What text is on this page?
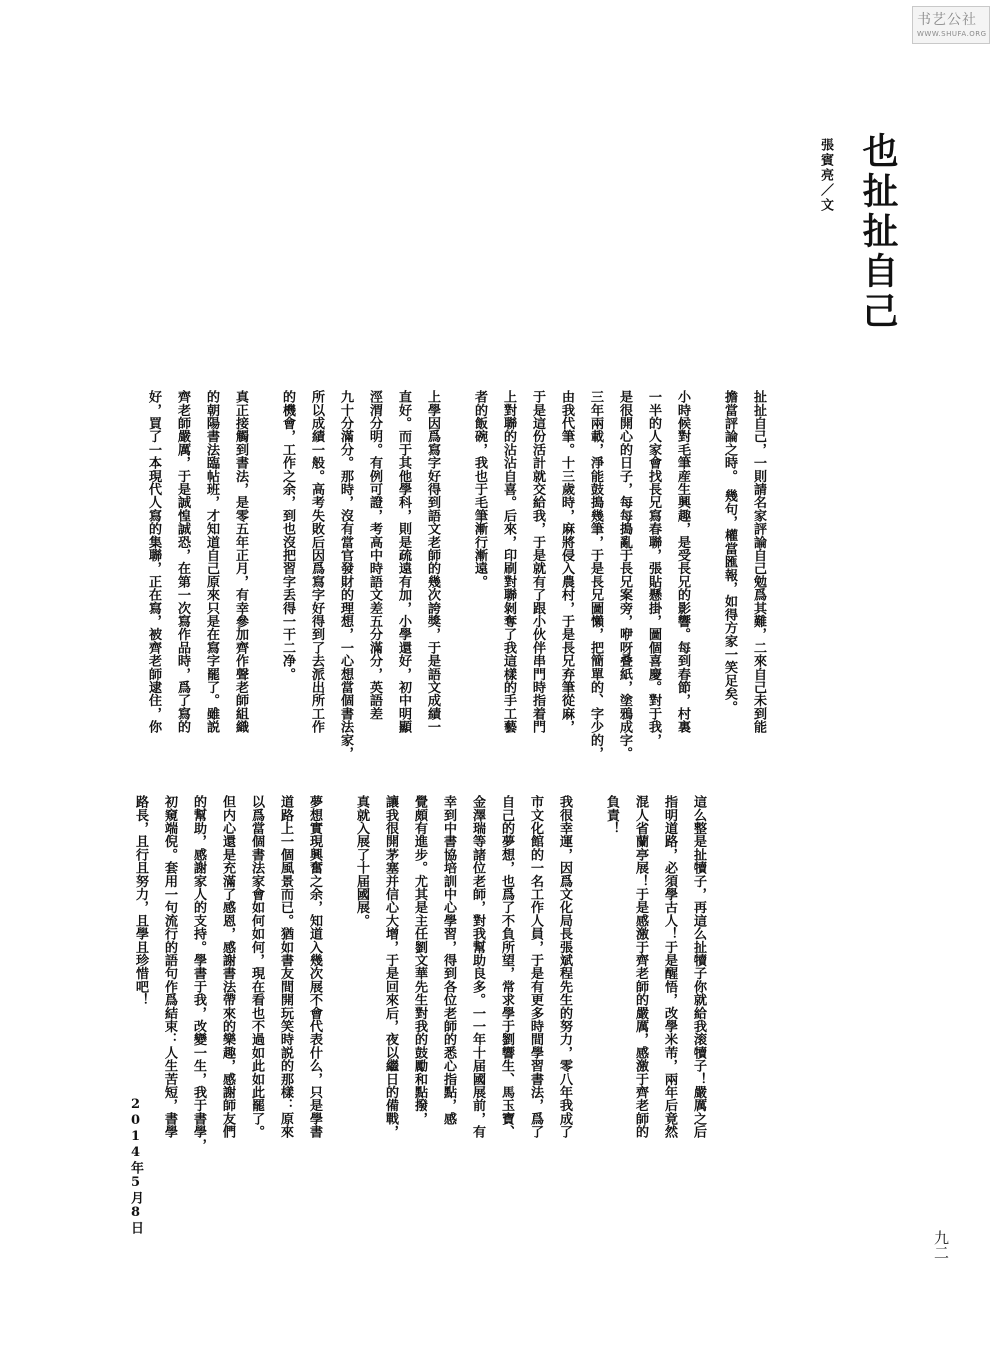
书艺公社
WWW.SHUFA.ORG
也扯扯自己
張賓亮／文
扯扯自己，一則請名家評論自己勉爲其難，二來自己未到能
擔當評論之時。　幾句，權當匯報，如得方家一笑足矣。
小時候對毛筆産生興趣，是受長兄的影響。每到春節，村裏
一半的人家會找長兄寫春聯，張貼懸掛，圖個喜慶。對于我，
是很開心的日子，每每搗亂于長兄案旁，咿呀叠紙，塗鴉成字。
三年兩載，淨能鼓搗幾筆，于是長兄圖懶，把簡單的、字少的，
由我代筆。十三歲時，麻將侵入農村，于是長兄弃筆從麻，
于是這份活計就交給我，于是就有了跟小伙伴串門時指着門
上對聯的沾沾自喜。后來，印刷對聯剝奪了我這樣的手工藝
者的飯碗，我也于毛筆漸行漸遠。
上學因爲寫字好得到語文老師的幾次誇獎，于是語文成績一
直好。而于其他學科，則是疏遠有加，小學還好，初中明顯
涇渭分明。有例可證，考高中時語文差五分滿分，英語差
九十分滿分。那時，沒有當官發財的理想，一心想當個書法家，
所以成績一般。高考失敗后因爲寫字好得到了去派出所工作
的機會，工作之余，到也沒把習字丢得一干二净。
真正接觸到書法，是零五年正月，有幸參加齊作聲老師組織
的朝陽書法臨帖班，才知道自己原來只是在寫字罷了。雖説
齊老師嚴厲，于是誠惶誠恐，在第一次寫作品時，爲了寫的
好，買了一本現代人寫的集聯，正在寫，被齊老師逮住，你
這么整是扯犢子，再這么扯犢子你就給我滚犢子！嚴厲之后
指明道路，必須學古人！于是醒悟，改學米芾，兩年后竟然
混人省蘭亭展！于是感激于齊老師的嚴厲，感激于齊老師的
負責！
我很幸運，因爲文化局長張斌程先生的努力，零八年我成了
市文化館的一名工作人員，于是有更多時間學習書法，爲了
自己的夢想，也爲了不負所望，常求學于劉響生、馬玉寶、
金澤瑞等諸位老師，對我幫助良多。一一年十届國展前，有
幸到中書協培訓中心學習，得到各位老師的悉心指點，感
覺頗有進步。尤其是主任劉文華先生對我的鼓勵和點撥，
讓我很開茅塞并信心大增，于是回來后，夜以繼日的備戰，
真就入展了十届國展。
夢想實現興奮之余，知道入幾次展不會代表什么，只是學書
道路上一個風景而已。猶如書友間開玩笑時説的那樣：原來
以爲當個書法家會如何如何，現在看也不過如此如此罷了。
但内心還是充滿了感恩，感謝書法帶來的樂趣，感謝師友們
的幫助，感謝家人的支持。學書于我，改變一生，我于書學，
初窺端倪。套用一句流行的語句作爲結束：人生苦短，書學
路長，且行且努力，且學且珍惜吧！
2014年5月8日
九二
